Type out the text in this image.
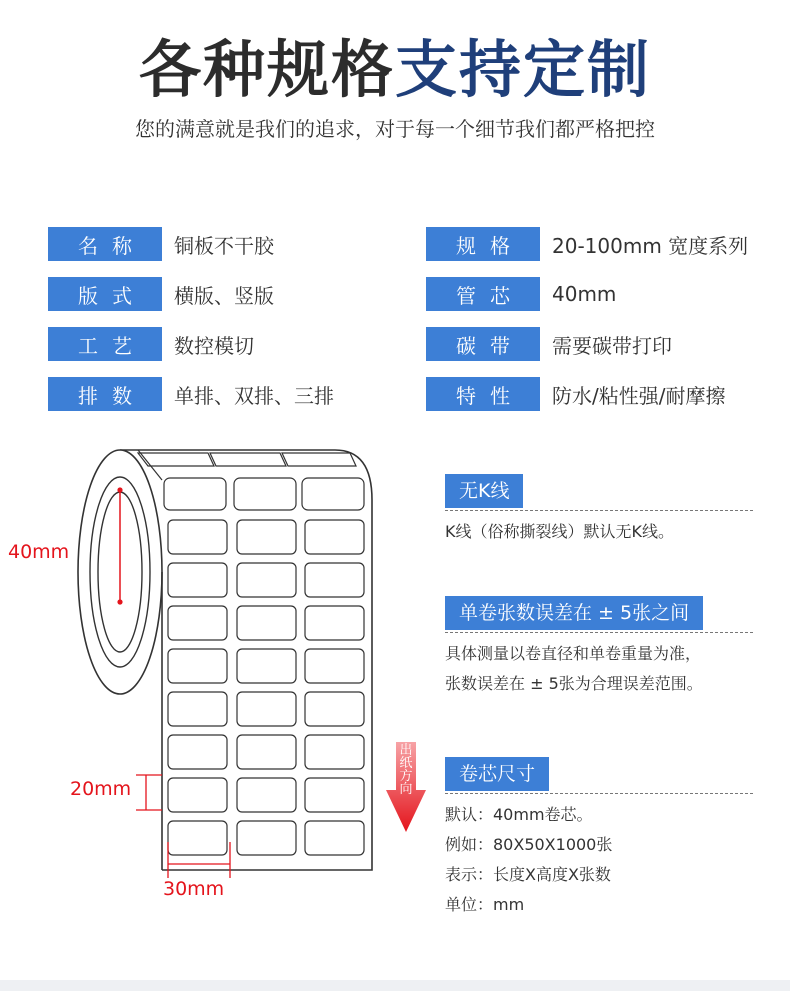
各种规格支持定制
您的满意就是我们的追求，对于每一个细节我们都严格把控
名称	铜板不干胶
版式	横版、竖版
工艺	数控模切
排数	单排、双排、三排
规格	20-100mm 宽度系列
管芯	40mm
碳带	需要碳带打印
特性	防水/粘性强/耐摩擦
40mm
20mm
30mm
出纸方向
无K线
K线（俗称撕裂线）默认无K线。
单卷张数误差在 ± 5张之间
具体测量以卷直径和单卷重量为准，
张数误差在 ± 5张为合理误差范围。
卷芯尺寸
默认：40mm卷芯。
例如：80X50X1000张
表示：长度X高度X张数
单位：mm
